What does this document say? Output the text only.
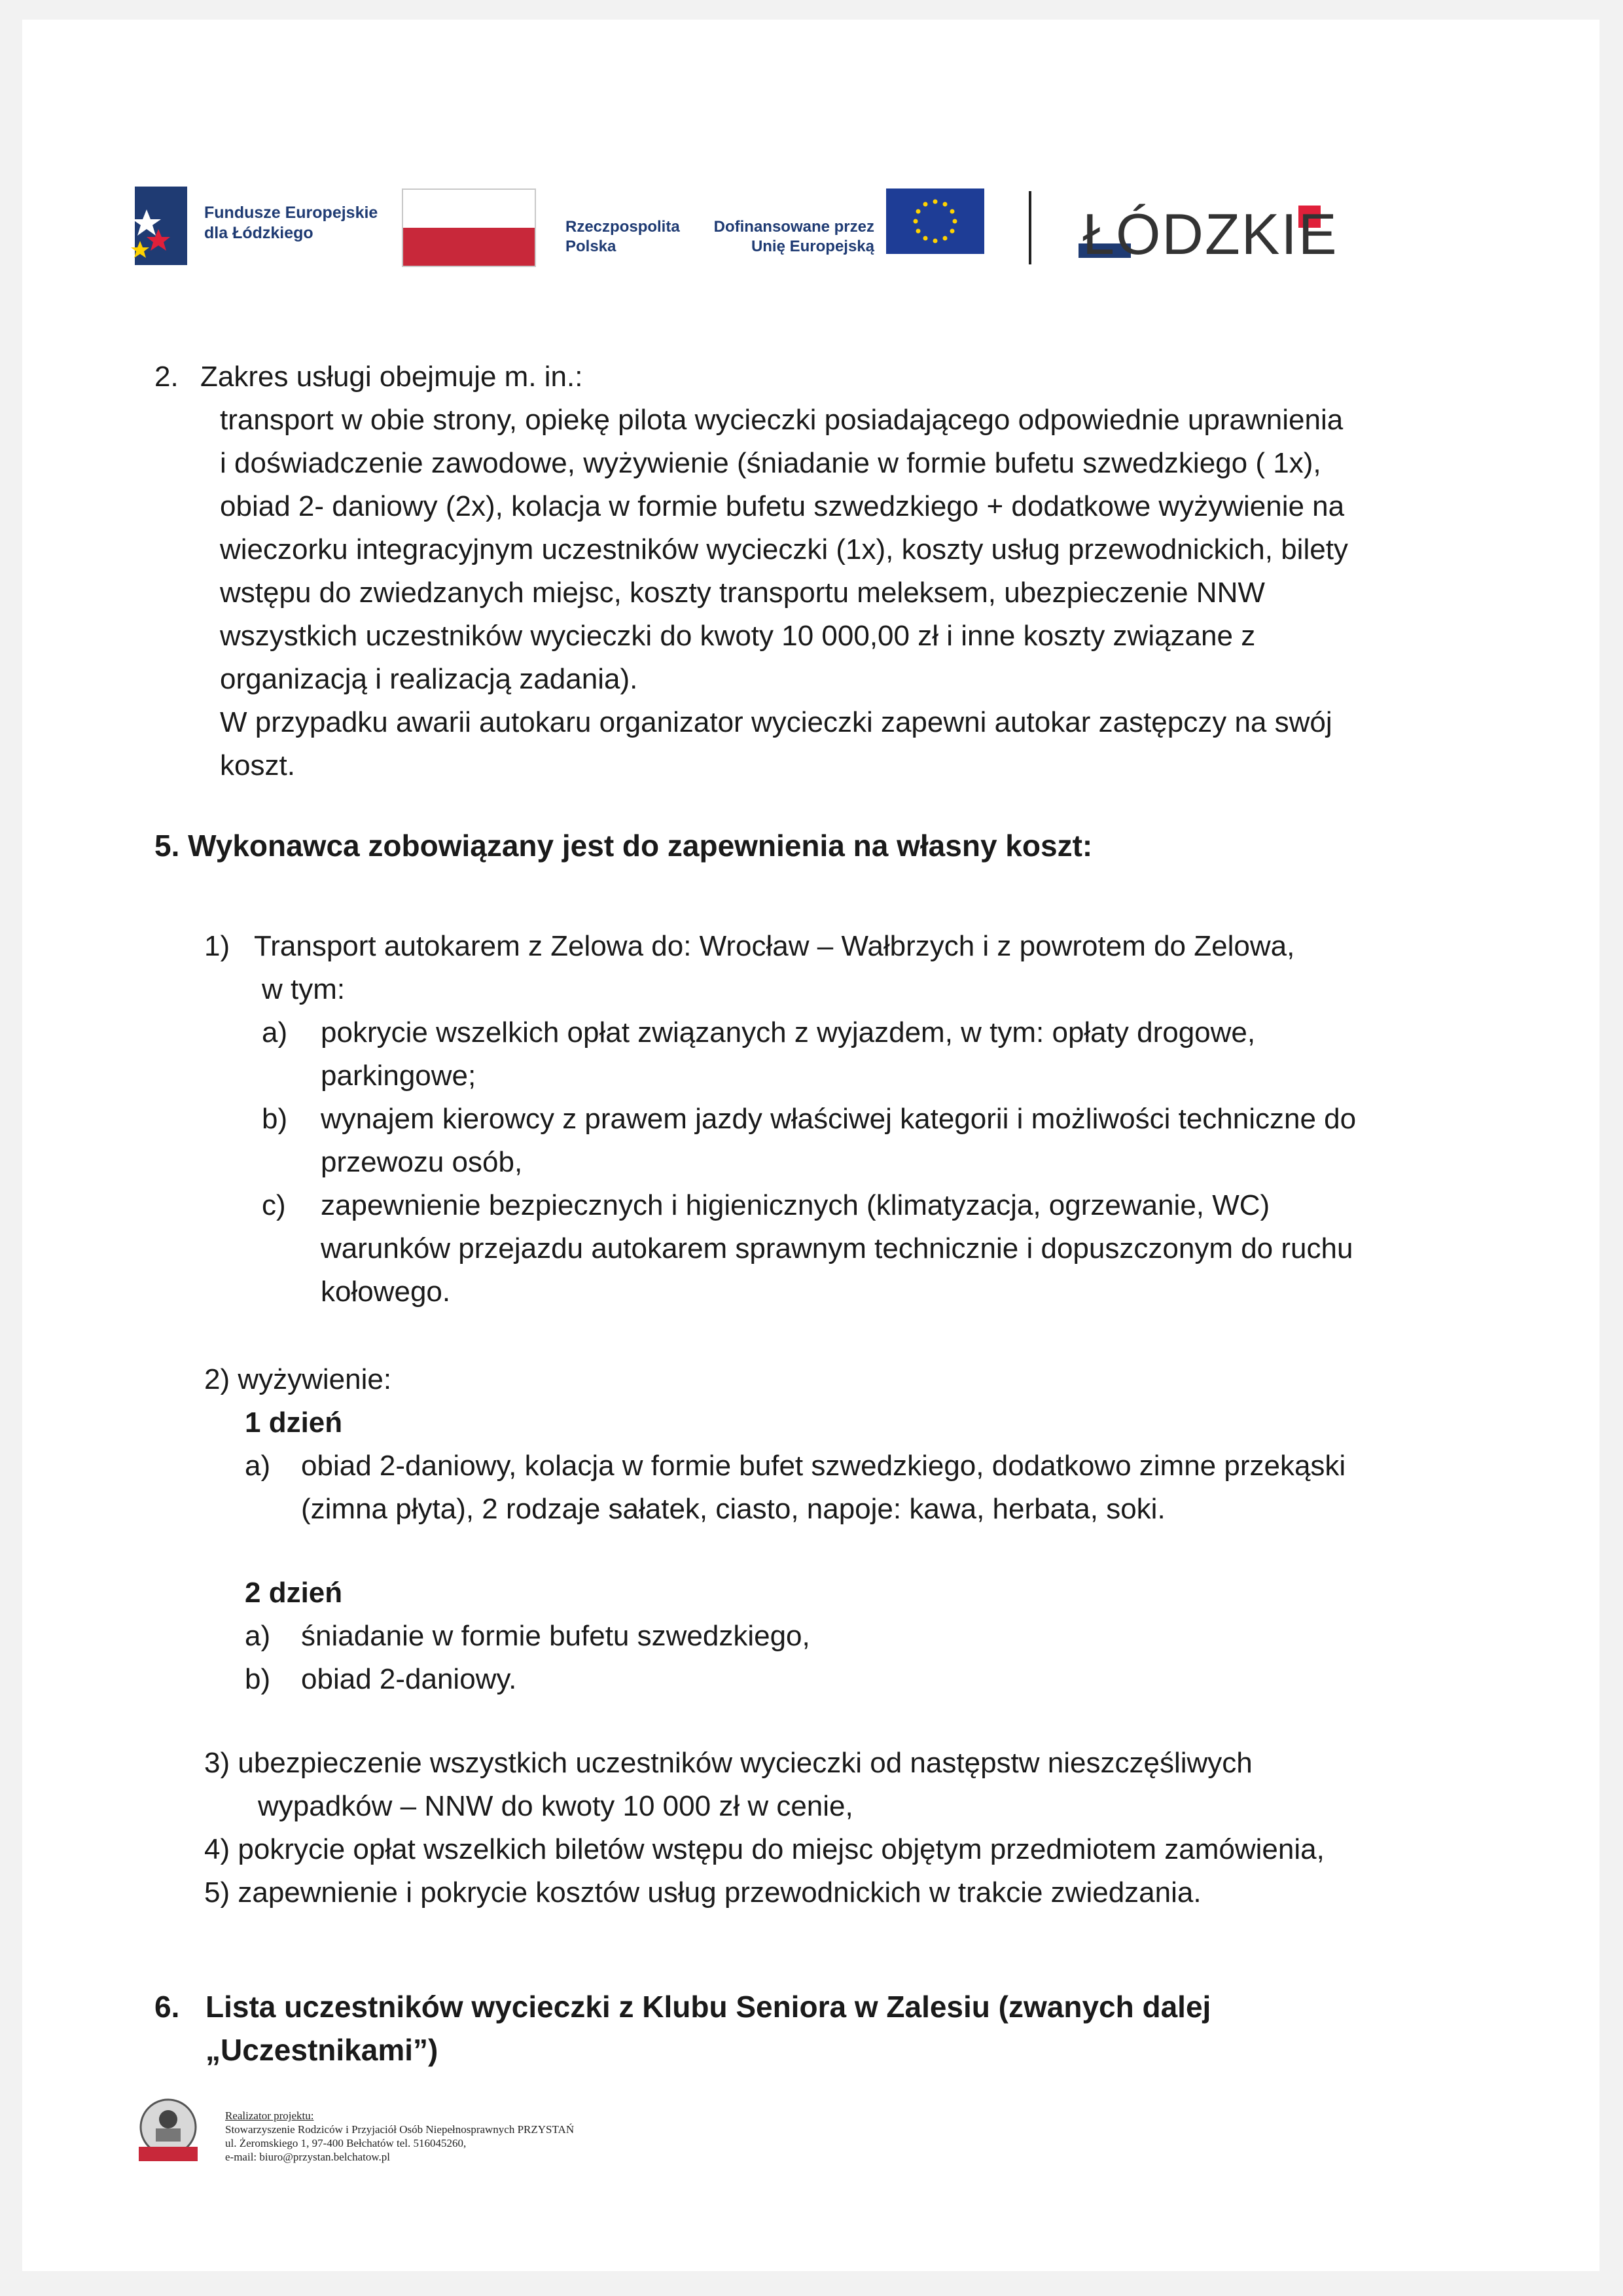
Fundusze Europejskie
dla Łódzkiego	Rzeczpospolita
Polska
Dofinansowane przez
Unię Europejską	ŁÓDZKIE
2. Zakres usługi obejmuje m. in.:
transport w obie strony, opiekę pilota wycieczki posiadającego odpowiednie uprawnienia
i doświadczenie zawodowe, wyżywienie (śniadanie w formie bufetu szwedzkiego ( 1x),
obiad 2- daniowy (2x), kolacja w formie bufetu szwedzkiego + dodatkowe wyżywienie na
wieczorku integracyjnym uczestników wycieczki (1x), koszty usług przewodnickich, bilety
wstępu do zwiedzanych miejsc, koszty transportu meleksem, ubezpieczenie NNW
wszystkich uczestników wycieczki do kwoty 10 000,00 zł i inne koszty związane z
organizacją i realizacją zadania).
W przypadku awarii autokaru organizator wycieczki zapewni autokar zastępczy na swój
koszt.
5. Wykonawca zobowiązany jest do zapewnienia na własny koszt:
1) Transport autokarem z Zelowa do: Wrocław – Wałbrzych i z powrotem do Zelowa,
w tym:
a) pokrycie wszelkich opłat związanych z wyjazdem, w tym: opłaty drogowe,
parkingowe;
b) wynajem kierowcy z prawem jazdy właściwej kategorii i możliwości techniczne do
przewozu osób,
c) zapewnienie bezpiecznych i higienicznych (klimatyzacja, ogrzewanie, WC)
warunków przejazdu autokarem sprawnym technicznie i dopuszczonym do ruchu
kołowego.
2) wyżywienie:
1 dzień
a) obiad 2-daniowy, kolacja w formie bufet szwedzkiego, dodatkowo zimne przekąski
(zimna płyta), 2 rodzaje sałatek, ciasto, napoje: kawa, herbata, soki.
2 dzień
a) śniadanie w formie bufetu szwedzkiego,
b) obiad 2-daniowy.
3) ubezpieczenie wszystkich uczestników wycieczki od następstw nieszczęśliwych
wypadków – NNW do kwoty 10 000 zł w cenie,
4) pokrycie opłat wszelkich biletów wstępu do miejsc objętym przedmiotem zamówienia,
5) zapewnienie i pokrycie kosztów usług przewodnickich w trakcie zwiedzania.
6. Lista uczestników wycieczki z Klubu Seniora w Zalesiu (zwanych dalej
„Uczestnikami”)
Realizator projektu:
Stowarzyszenie Rodziców i Przyjaciół Osób Niepełnosprawnych PRZYSTAŃ
ul. Żeromskiego 1, 97-400 Bełchatów tel. 516045260,
e-mail: biuro@przystan.belchatow.pl
